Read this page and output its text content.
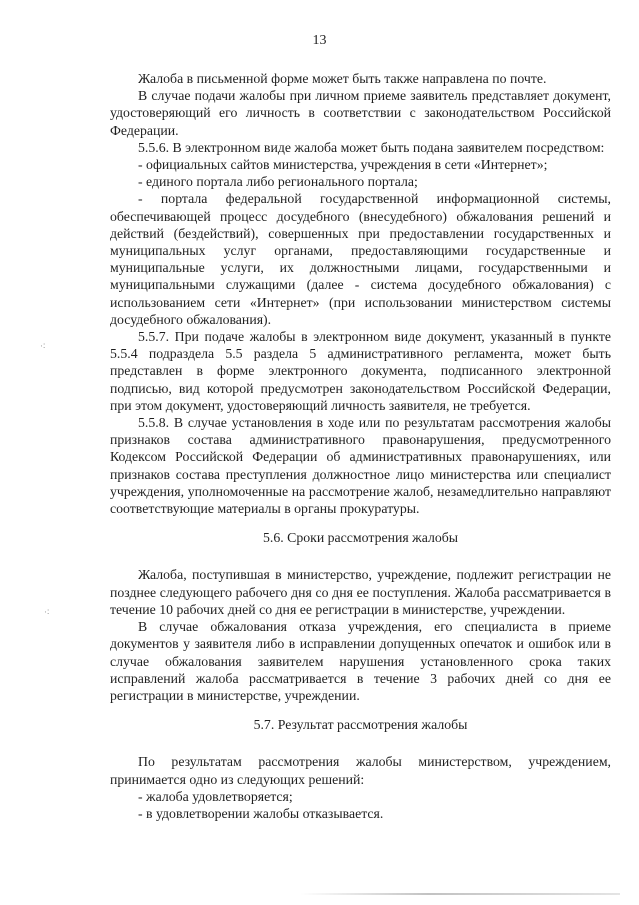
13
·∶
·∶

Жалоба в письменной форме может быть также направлена по почте.

В случае подачи жалобы при личном приеме заявитель представляет документ, удостоверяющий его личность в соответствии с законодательством Российской Федерации.

5.5.6. В электронном виде жалоба может быть подана заявителем посредством:

- официальных сайтов министерства, учреждения в сети «Интернет»;

- единого портала либо регионального портала;

- портала федеральной государственной информационной системы, обеспечивающей процесс досудебного (внесудебного) обжалования решений и действий (бездействий), совершенных при предоставлении государственных и муниципальных услуг органами, предоставляющими государственные и муниципальные услуги, их должностными лицами, государственными и муниципальными служащими (далее - система досудебного обжалования) с использованием сети «Интернет» (при использовании министерством системы досудебного обжалования).

5.5.7. При подаче жалобы в электронном виде документ, указанный в пункте 5.5.4 подраздела 5.5 раздела 5 административного регламента, может быть представлен в форме электронного документа, подписанного электронной подписью, вид которой предусмотрен законодательством Российской Федерации, при этом документ, удостоверяющий личность заявителя, не требуется.

5.5.8. В случае установления в ходе или по результатам рассмотрения жалобы признаков состава административного правонарушения, предусмотренного Кодексом Российской Федерации об административных правонарушениях, или признаков состава преступления должностное лицо министерства или специалист учреждения, уполномоченные на рассмотрение жалоб, незамедлительно направляют соответствующие материалы в органы прокуратуры.

5.6. Сроки рассмотрения жалобы

Жалоба, поступившая в министерство, учреждение, подлежит регистрации не позднее следующего рабочего дня со дня ее поступления. Жалоба рассматривается в течение 10 рабочих дней со дня ее регистрации в министерстве, учреждении.

В случае обжалования отказа учреждения, его специалиста в приеме документов у заявителя либо в исправлении допущенных опечаток и ошибок или в случае обжалования заявителем нарушения установленного срока таких исправлений жалоба рассматривается в течение 3 рабочих дней со дня ее регистрации в министерстве, учреждении.

5.7. Результат рассмотрения жалобы

По результатам рассмотрения жалобы министерством, учреждением, принимается одно из следующих решений:

- жалоба удовлетворяется;

- в удовлетворении жалобы отказывается.
